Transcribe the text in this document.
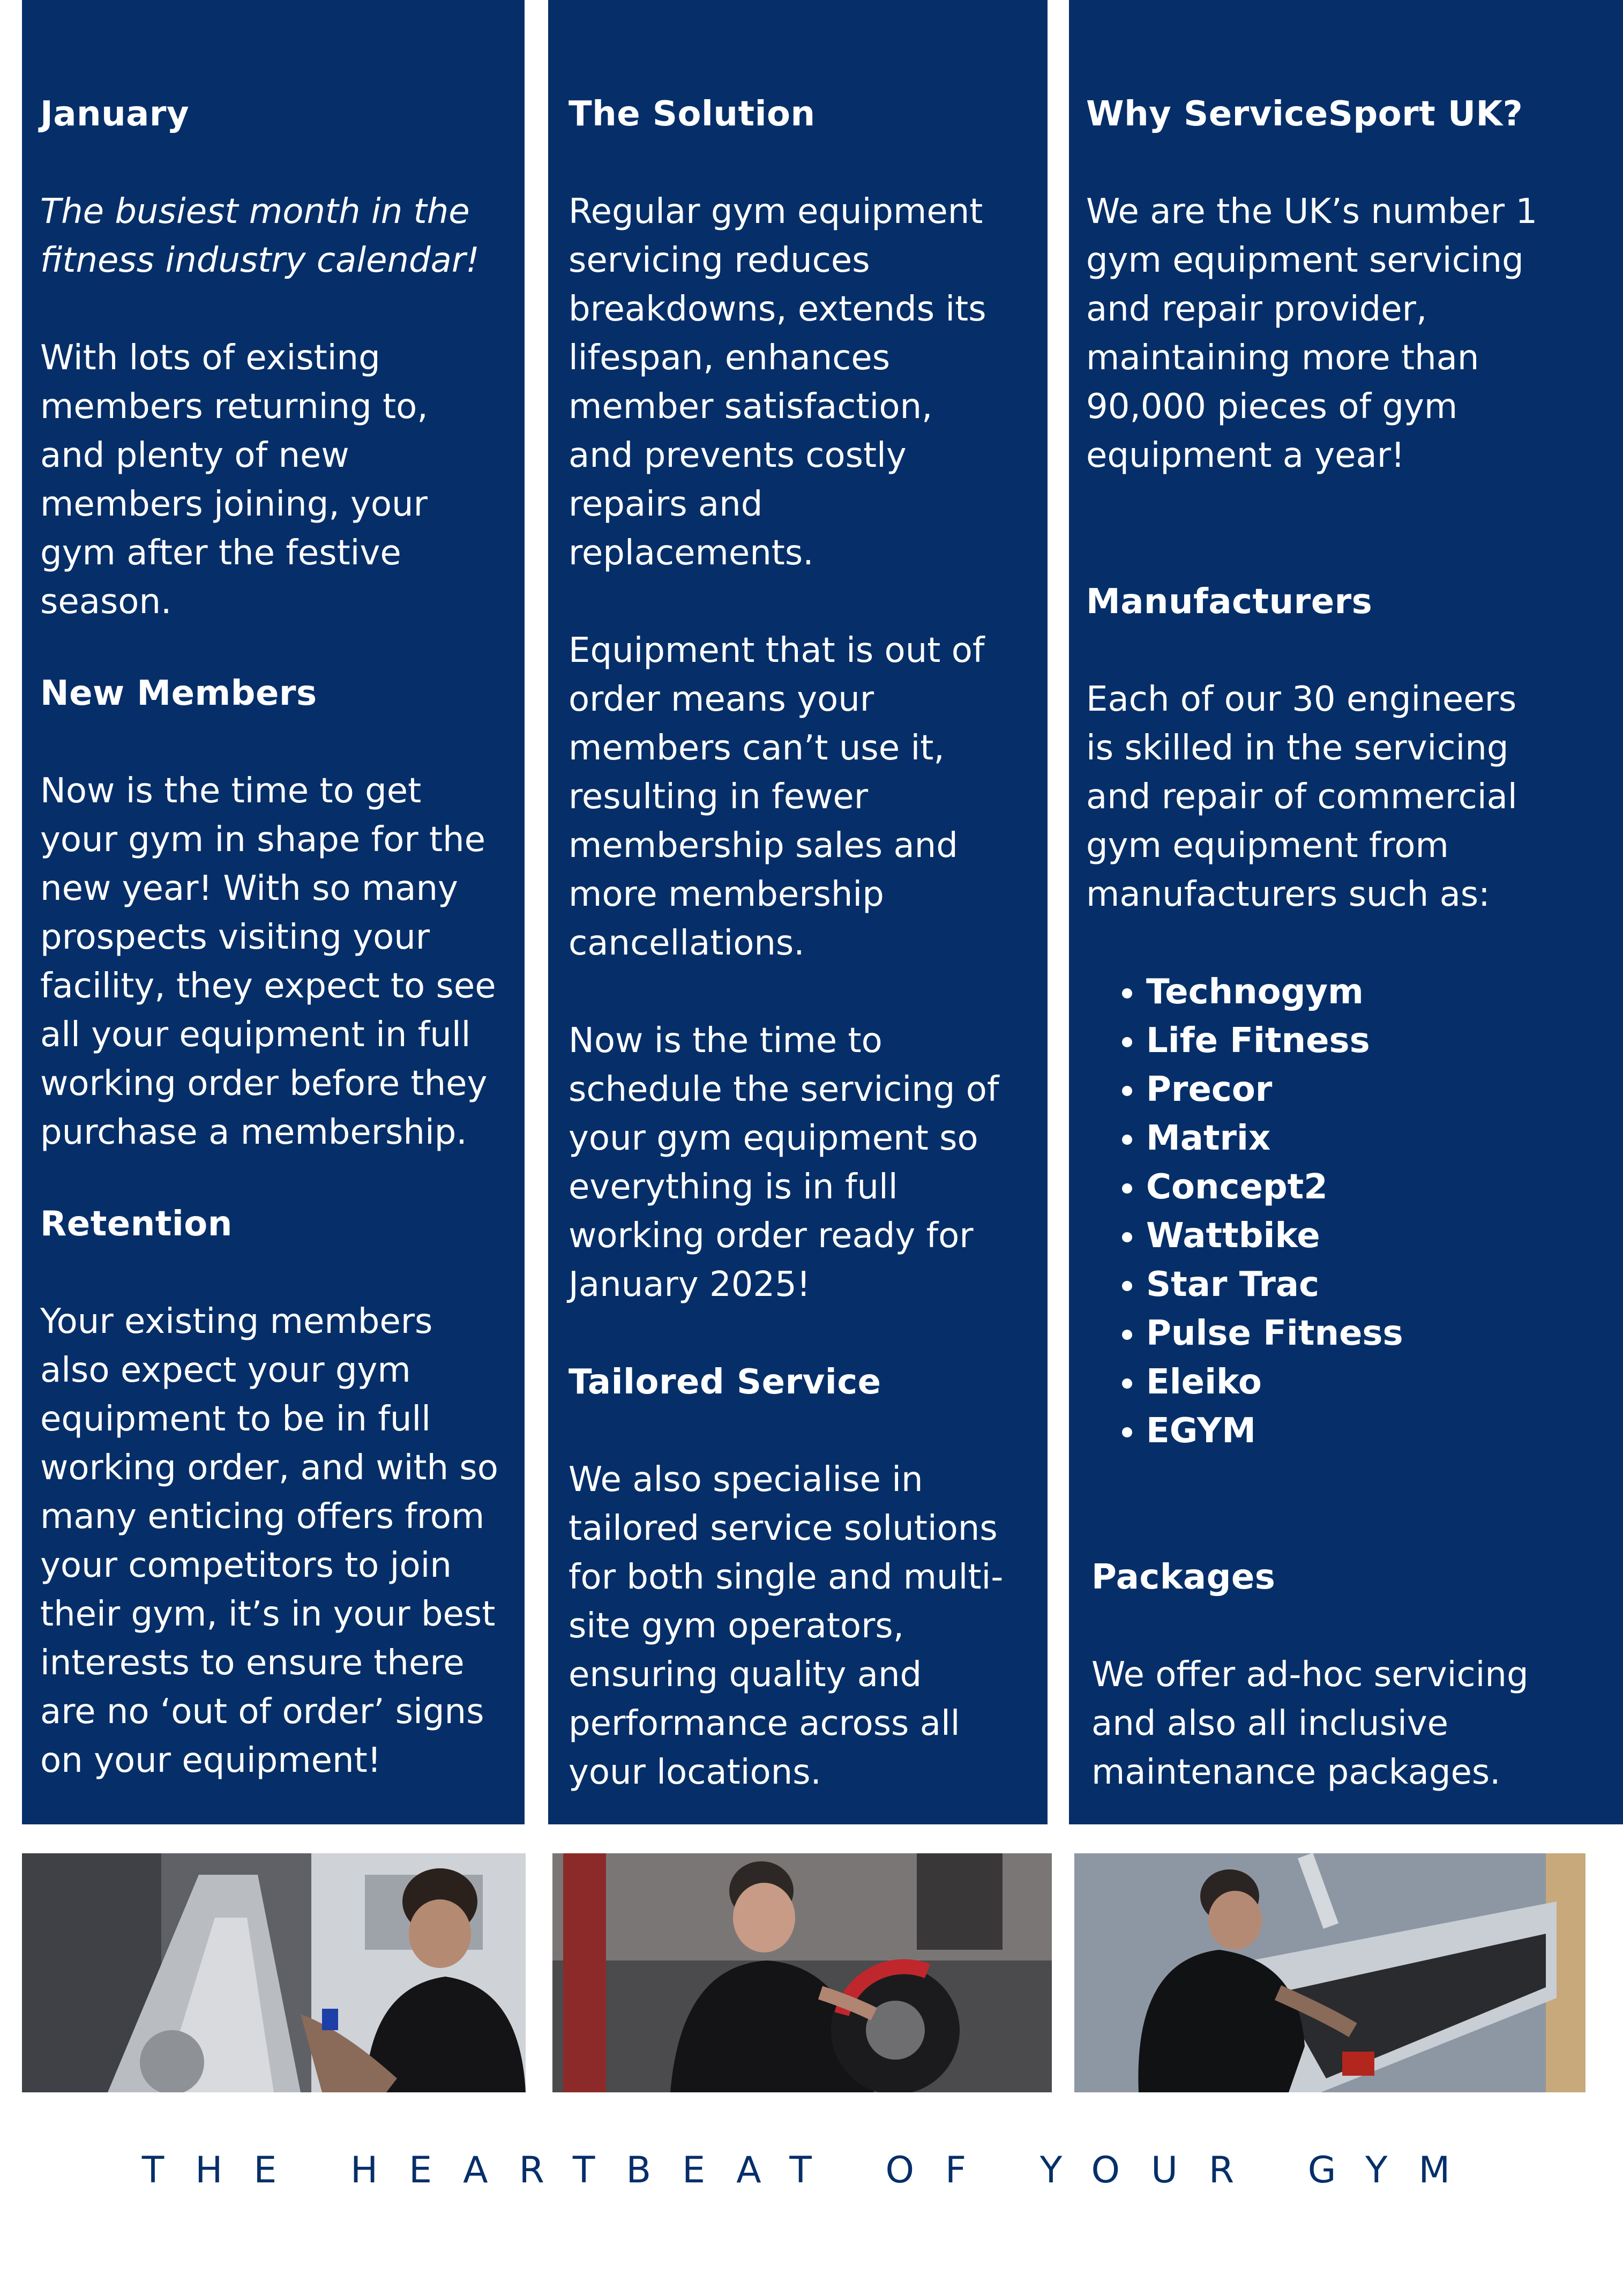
January

The busiest month in the

fitness industry calendar!

With lots of existing

members returning to,

and plenty of new

members joining, your

gym after the festive

season.

New Members

Now is the time to get

your gym in shape for the

new year! With so many

prospects visiting your

facility, they expect to see

all your equipment in full

working order before they

purchase a membership.

Retention

Your existing members

also expect your gym

equipment to be in full

working order, and with so

many enticing offers from

your competitors to join

their gym, it’s in your best

interests to ensure there

are no ‘out of order’ signs

on your equipment!

The Solution

Regular gym equipment

servicing reduces

breakdowns, extends its

lifespan, enhances

member satisfaction,

and prevents costly

repairs and

replacements.

Equipment that is out of

order means your

members can’t use it,

resulting in fewer

membership sales and

more membership

cancellations.

Now is the time to

schedule the servicing of

your gym equipment so

everything is in full

working order ready for

January 2025!

Tailored Service

We also specialise in

tailored service solutions

for both single and multi-

site gym operators,

ensuring quality and

performance across all

your locations.

Why ServiceSport UK?

We are the UK’s number 1

gym equipment servicing

and repair provider,

maintaining more than

90,000 pieces of gym

equipment a year!

Manufacturers

Each of our 30 engineers

is skilled in the servicing

and repair of commercial

gym equipment from

manufacturers such as:

• Technogym
• Life Fitness
• Precor
• Matrix
• Concept2
• Wattbike
• Star Trac
• Pulse Fitness
• Eleiko
• EGYM
Packages

We offer ad-hoc servicing

and also all inclusive

maintenance packages.

THE HEARTBEAT OF YOUR GYM
